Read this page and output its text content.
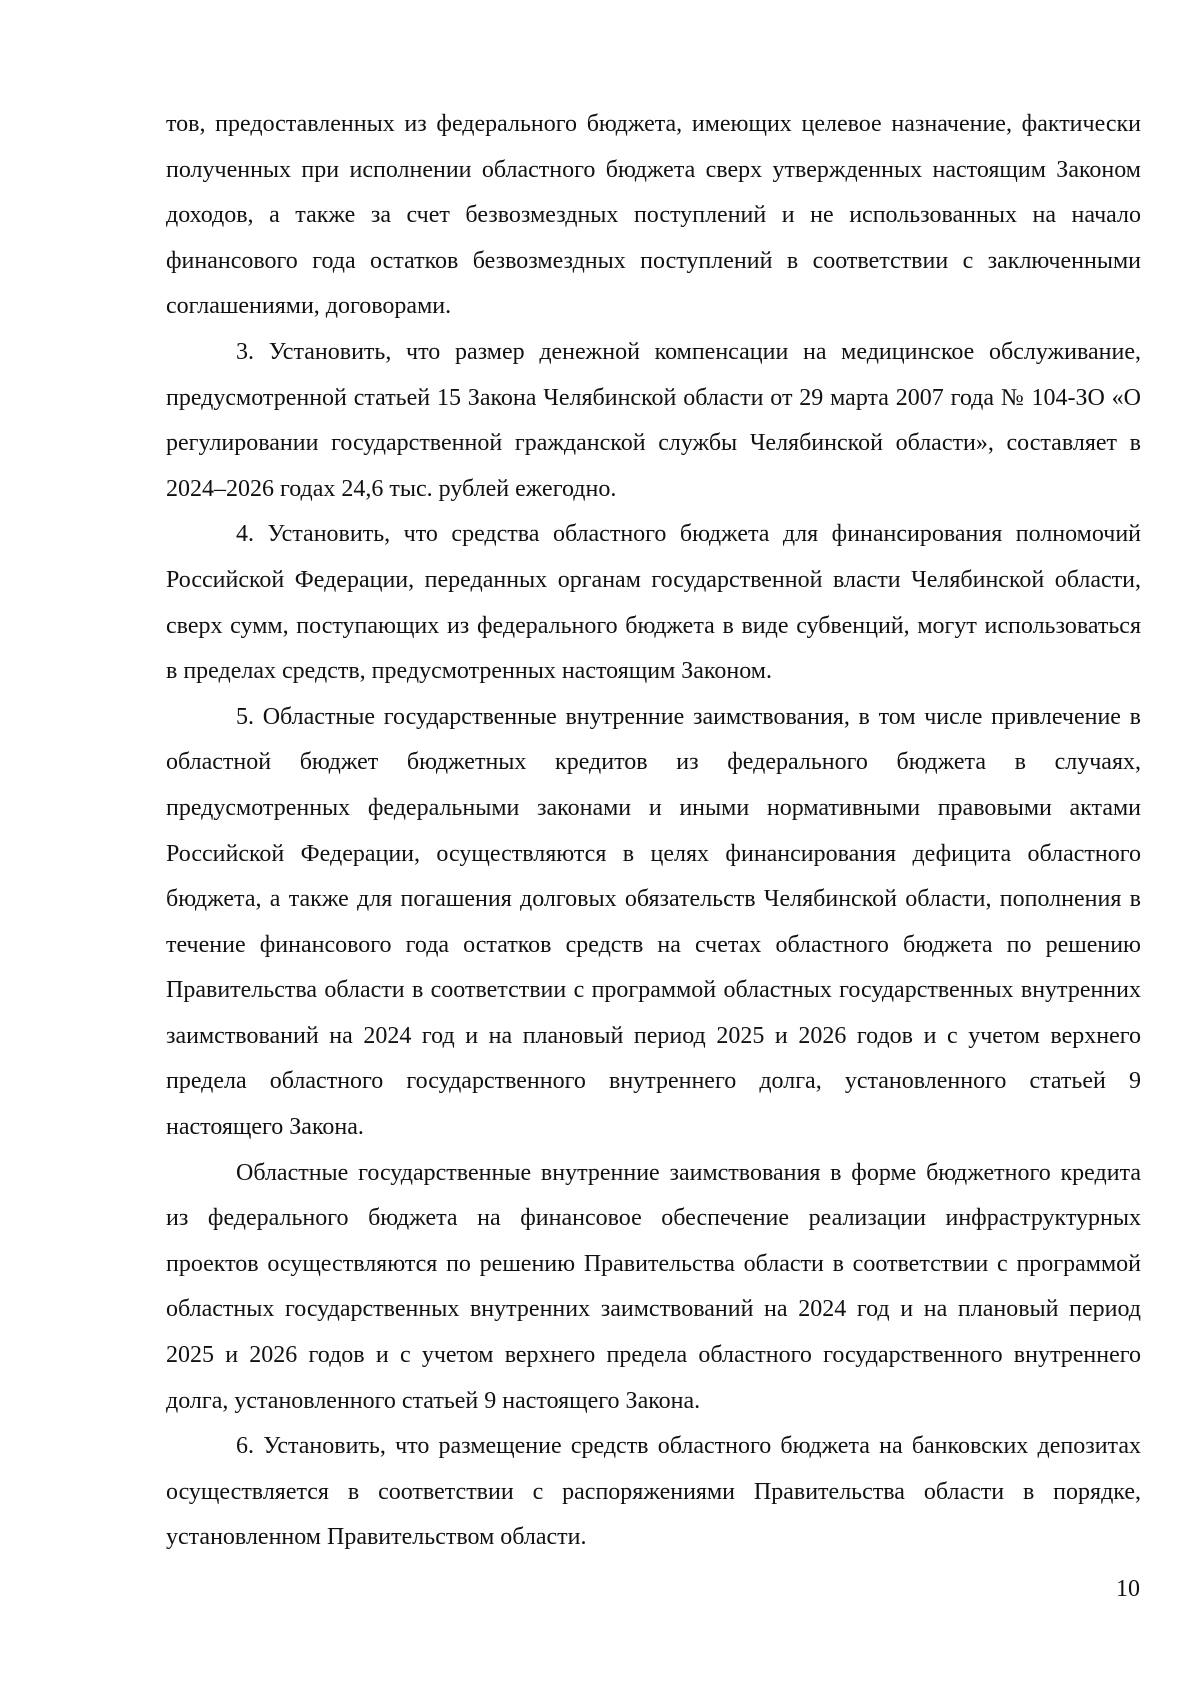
тов, предоставленных из федерального бюджета, имеющих целевое назначение, фактически полученных при исполнении областного бюджета сверх утвержденных настоящим Законом доходов, а также за счет безвозмездных поступлений и не использованных на начало финансового года остатков безвозмездных поступлений в соответствии с заключенными соглашениями, договорами.

3. Установить, что размер денежной компенсации на медицинское обслуживание, предусмотренной статьей 15 Закона Челябинской области от 29 марта 2007 года № 104-ЗО «О регулировании государственной гражданской службы Челябинской области», составляет в 2024–2026 годах 24,6 тыс. рублей ежегодно.

4. Установить, что средства областного бюджета для финансирования полномочий Российской Федерации, переданных органам государственной власти Челябинской области, сверх сумм, поступающих из федерального бюджета в виде субвенций, могут использоваться в пределах средств, предусмотренных настоящим Законом.

5. Областные государственные внутренние заимствования, в том числе привлечение в областной бюджет бюджетных кредитов из федерального бюджета в случаях, предусмотренных федеральными законами и иными нормативными правовыми актами Российской Федерации, осуществляются в целях финансирования дефицита областного бюджета, а также для погашения долговых обязательств Челябинской области, пополнения в течение финансового года остатков средств на счетах областного бюджета по решению Правительства области в соответствии с программой областных государственных внутренних заимствований на 2024 год и на плановый период 2025 и 2026 годов и с учетом верхнего предела областного государственного внутреннего долга, установленного статьей 9 настоящего Закона.

Областные государственные внутренние заимствования в форме бюджетного кредита из федерального бюджета на финансовое обеспечение реализации инфраструктурных проектов осуществляются по решению Правительства области в соответствии с программой областных государственных внутренних заимствований на 2024 год и на плановый период 2025 и 2026 годов и с учетом верхнего предела областного государственного внутреннего долга, установленного статьей 9 настоящего Закона.

6. Установить, что размещение средств областного бюджета на банковских депозитах осуществляется в соответствии с распоряжениями Правительства области в порядке, установленном Правительством области.

10
